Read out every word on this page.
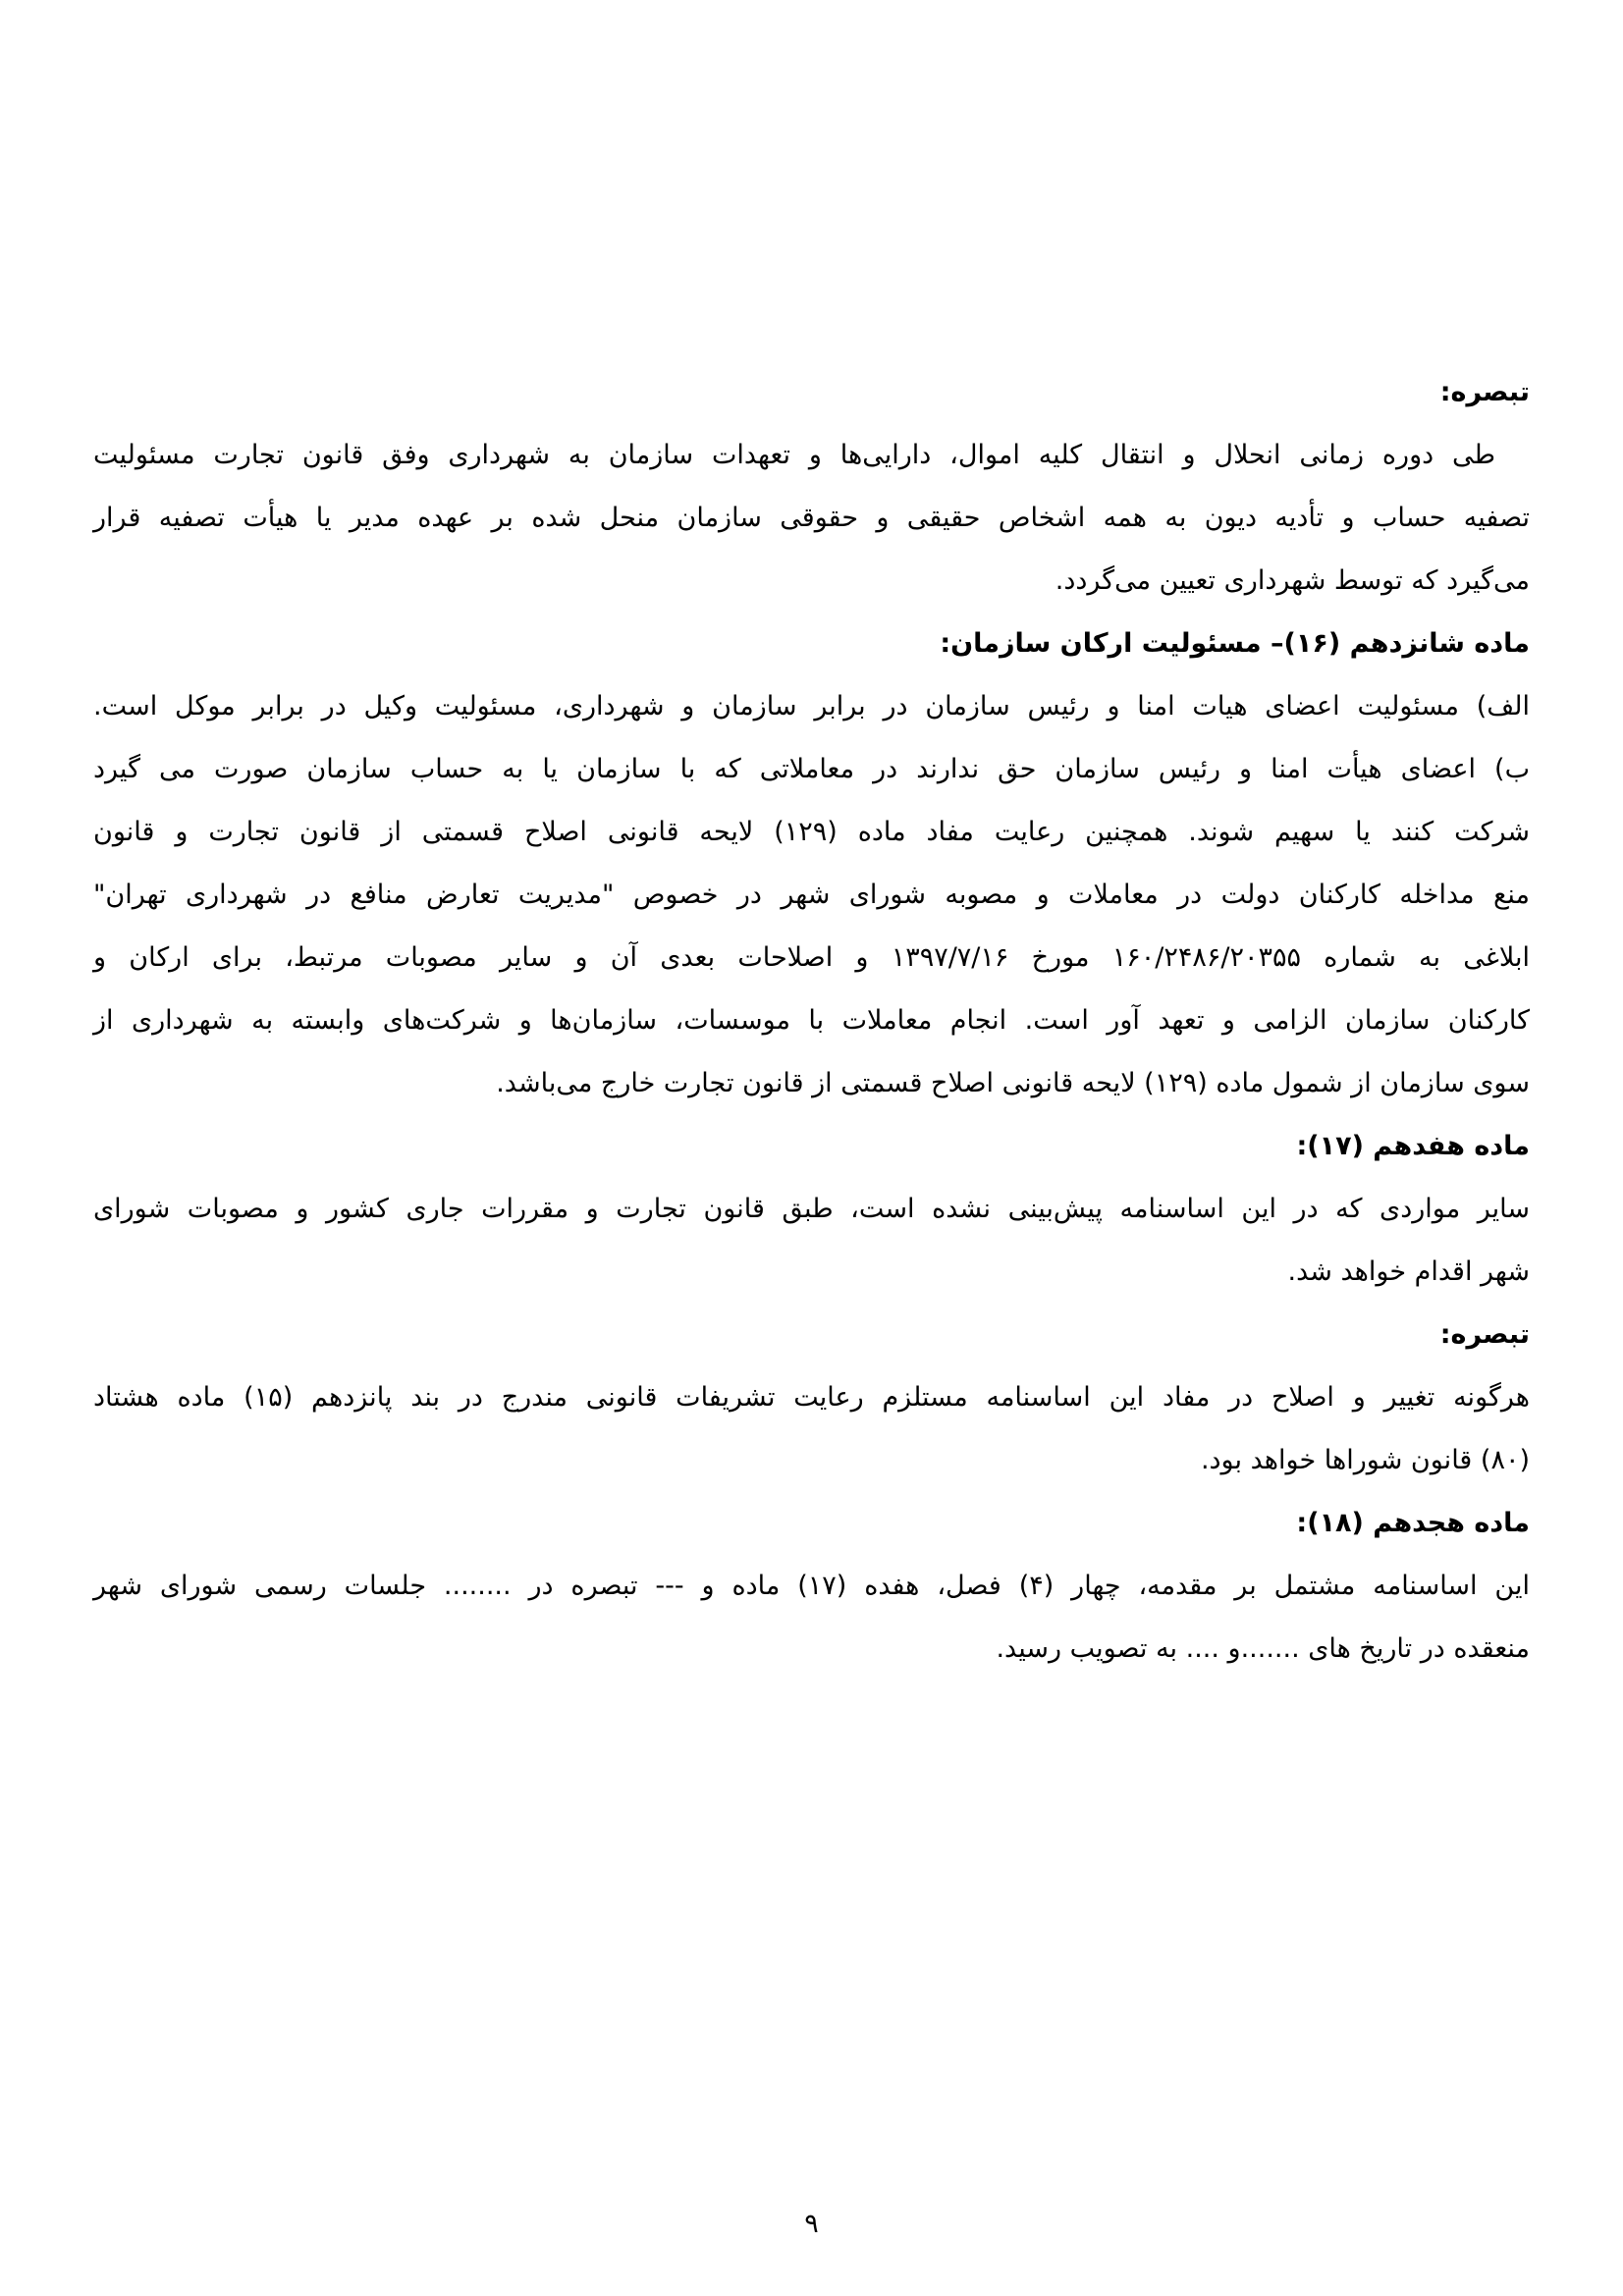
تبصره:
طی دوره زمانی انحلال و انتقال کلیه اموال، دارایی‌ها و تعهدات سازمان به شهرداری وفق قانون تجارت مسئولیت
تصفیه حساب و تأدیه دیون به همه اشخاص حقیقی و حقوقی سازمان منحل شده بر عهده مدیر یا هیأت تصفیه قرار
می‌گیرد که توسط شهرداری تعیین می‌گردد.
ماده شانزدهم (۱۶)– مسئولیت ارکان سازمان:
الف) مسئولیت اعضای هیات امنا و رئیس سازمان در برابر سازمان و شهرداری، مسئولیت وکیل در برابر موکل است.
ب) اعضای هیأت امنا و رئیس سازمان حق ندارند در معاملاتی که با سازمان یا به حساب سازمان صورت می گیرد
شرکت کنند یا سهیم شوند. همچنین رعایت مفاد ماده (۱۲۹) لایحه قانونی اصلاح قسمتی از قانون تجارت و قانون
منع مداخله کارکنان دولت در معاملات و مصوبه شورای شهر در خصوص "مدیریت تعارض منافع در شهرداری تهران"
ابلاغی به شماره ۱۶۰/۲۴۸۶/۲۰۳۵۵ مورخ ۱۳۹۷/۷/۱۶ و اصلاحات بعدی آن و سایر مصوبات مرتبط، برای ارکان و
کارکنان سازمان الزامی و تعهد آور است. انجام معاملات با موسسات، سازمان‌ها و شرکت‌های وابسته به شهرداری از
سوی سازمان از شمول ماده (۱۲۹) لایحه قانونی اصلاح قسمتی از قانون تجارت خارج می‌باشد.
ماده هفدهم (۱۷):
سایر مواردی که در این اساسنامه پیش‌بینی نشده است، طبق قانون تجارت و مقررات جاری کشور و مصوبات شورای
شهر اقدام خواهد شد.
تبصره:
هرگونه تغییر و اصلاح در مفاد این اساسنامه مستلزم رعایت تشریفات قانونی مندرج در بند پانزدهم (۱۵) ماده هشتاد
(۸۰) قانون شوراها خواهد بود.
ماده هجدهم (۱۸):
این اساسنامه مشتمل بر مقدمه، چهار (۴) فصل، هفده (۱۷) ماده و --- تبصره در ........ جلسات رسمی شورای شهر
منعقده در تاریخ های .......و .... به تصویب رسید.
۹
